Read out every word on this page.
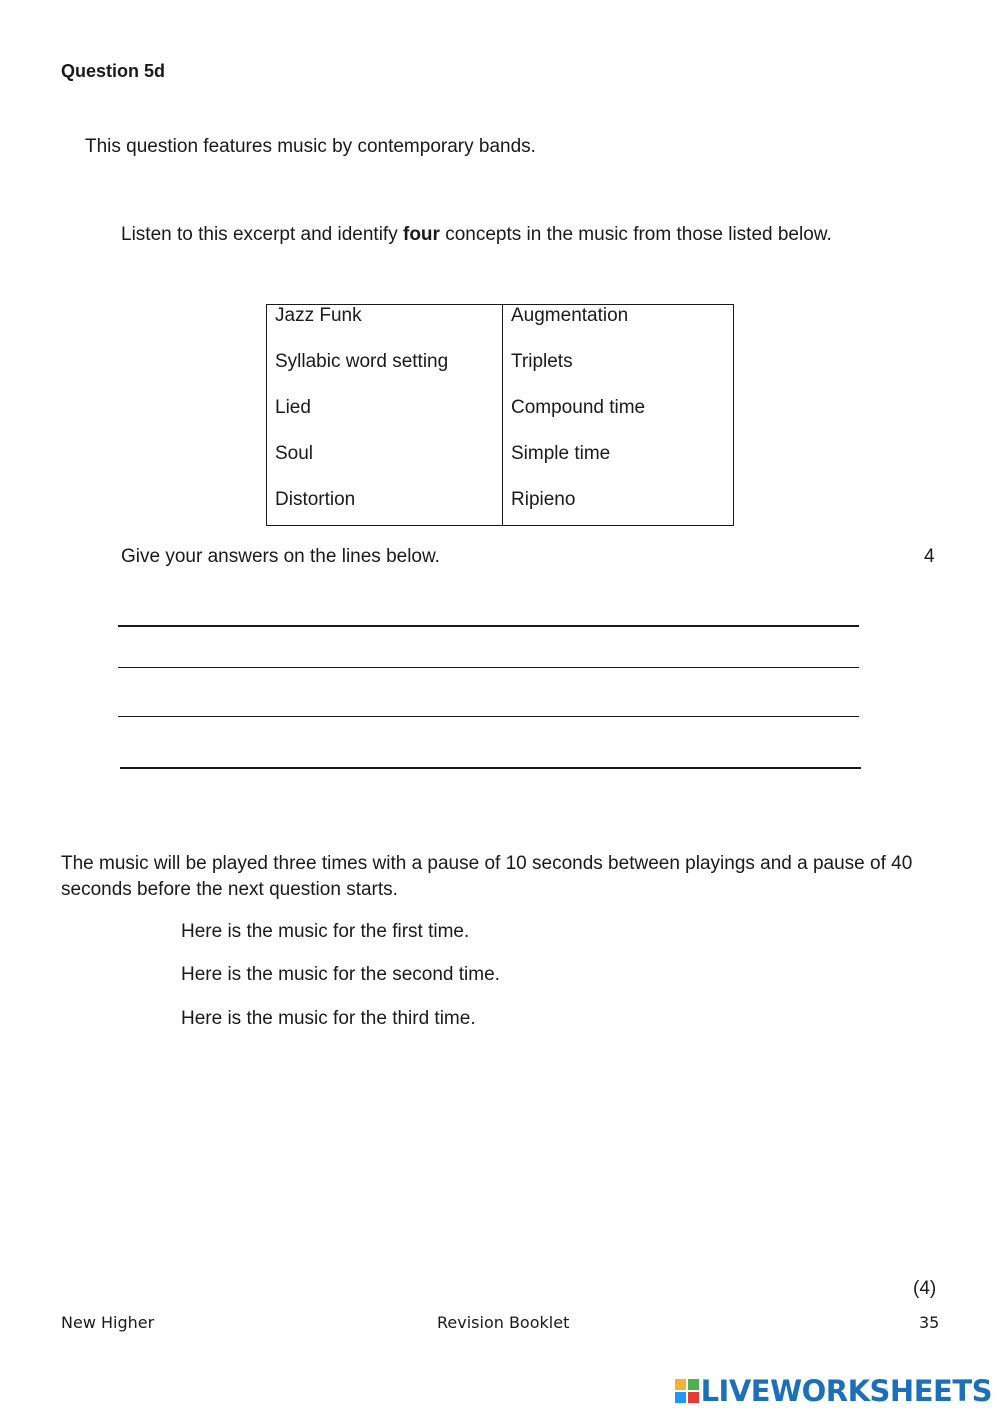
Question 5d
This question features music by contemporary bands.
Listen to this excerpt and identify four concepts in the music from those listed below.
Jazz Funk	Augmentation
Syllabic word setting	Triplets
Lied	Compound time
Soul	Simple time
Distortion	Ripieno
Give your answers on the lines below.	4
The music will be played three times with a pause of 10 seconds between playings and a pause of 40 seconds before the next question starts.
Here is the music for the first time.
Here is the music for the second time.
Here is the music for the third time.
(4)
New Higher	Revision Booklet	35
LIVEWORKSHEETS
